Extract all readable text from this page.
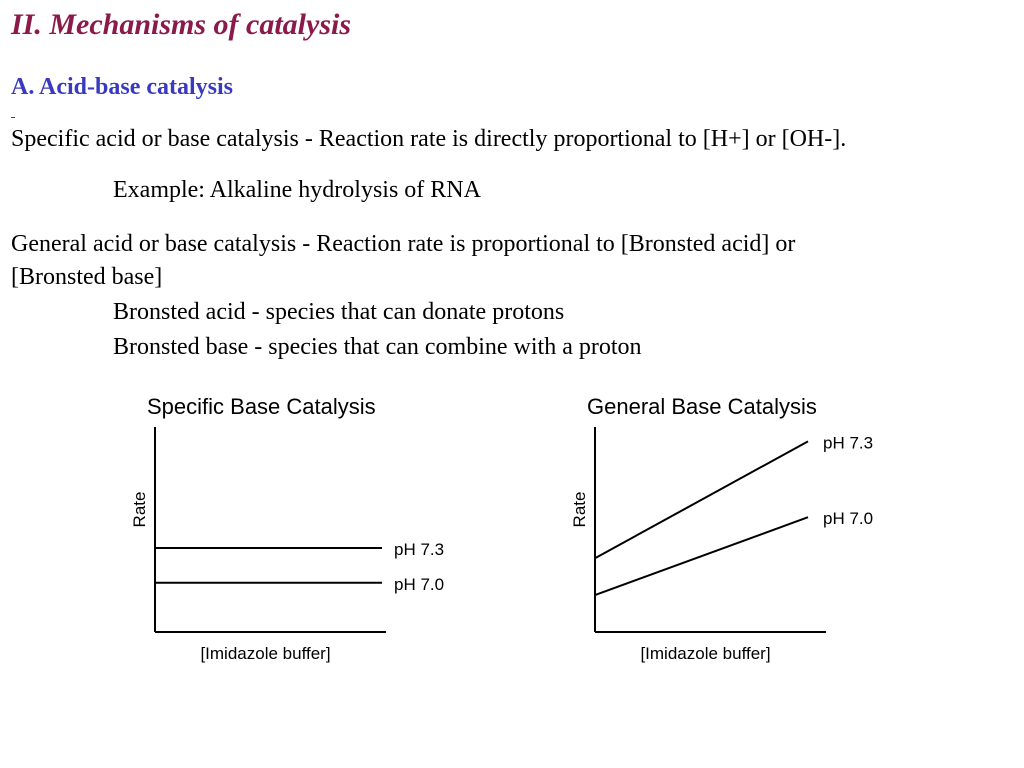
II. Mechanisms of catalysis
A. Acid-base catalysis
Specific acid or base catalysis - Reaction rate is directly proportional to [H+] or [OH-].
Example: Alkaline hydrolysis of RNA
General acid or base catalysis - Reaction rate is proportional to [Bronsted acid] or
[Bronsted base]
Bronsted acid - species that can donate protons
Bronsted base - species that can combine with a proton
Specific Base Catalysis
Rate
[Imidazole buffer]
pH 7.3
pH 7.0
General Base Catalysis
Rate
[Imidazole buffer]
pH 7.3
pH 7.0
